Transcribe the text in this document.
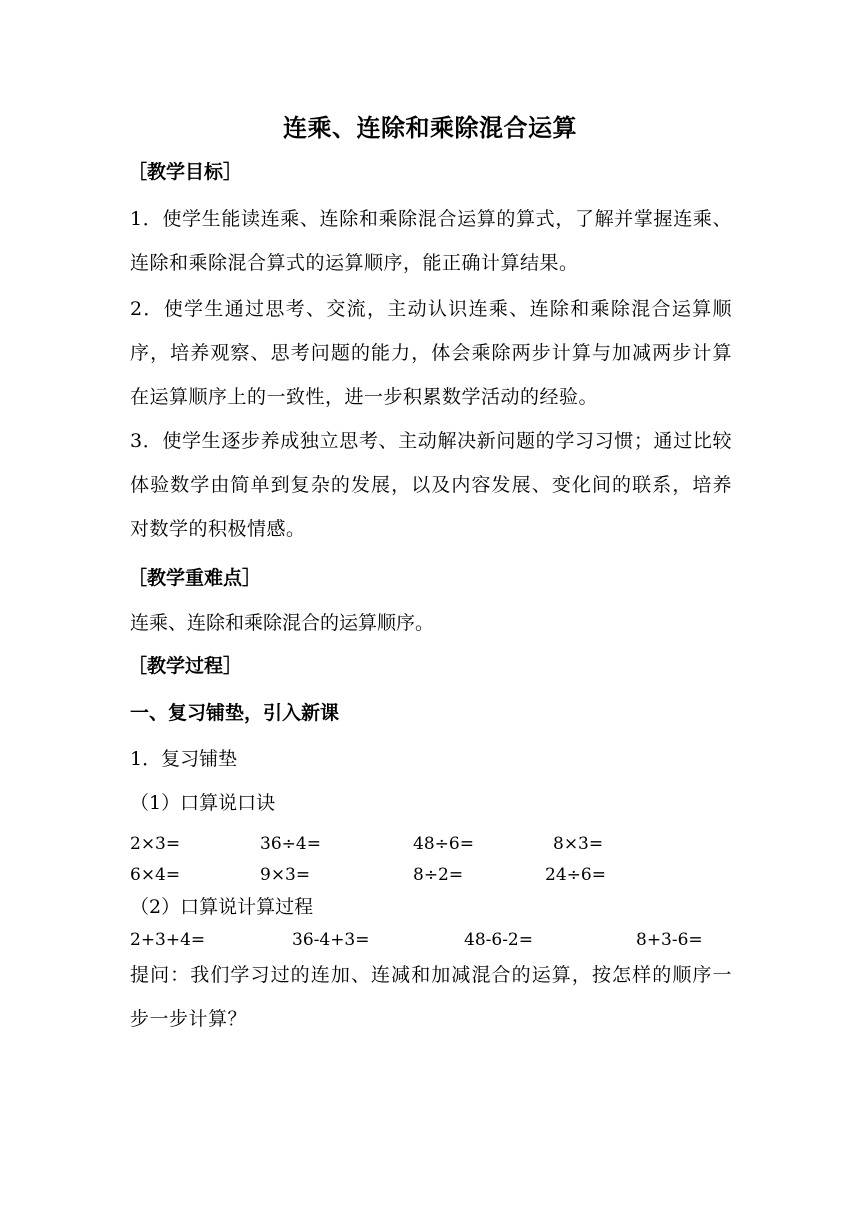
连乘、连除和乘除混合运算
［教学目标］
1．使学生能读连乘、连除和乘除混合运算的算式，了解并掌握连乘、连除和乘除混合算式的运算顺序，能正确计算结果。
2．使学生通过思考、交流，主动认识连乘、连除和乘除混合运算顺序，培养观察、思考问题的能力，体会乘除两步计算与加减两步计算在运算顺序上的一致性，进一步积累数学活动的经验。
3．使学生逐步养成独立思考、主动解决新问题的学习习惯；通过比较体验数学由简单到复杂的发展，以及内容发展、变化间的联系，培养对数学的积极情感。
［教学重难点］
连乘、连除和乘除混合的运算顺序。
［教学过程］
一、复习铺垫，引入新课
1．复习铺垫
（1）口算说口诀
2×3=	36÷4=	48÷6=	8×3=
6×4=	9×3=	8÷2=	24÷6=
（2）口算说计算过程
2+3+4=	36-4+3=	48-6-2=	8+3-6=
提问：我们学习过的连加、连减和加减混合的运算，按怎样的顺序一步一步计算？
